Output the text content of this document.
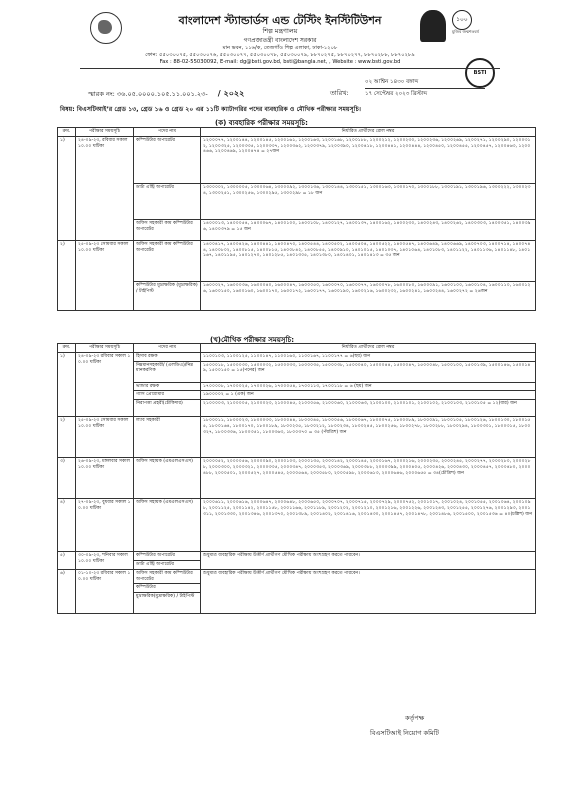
১০০
মুজিব জন্মশতবর্ষ
BSTI
বাংলাদেশ স্ট্যান্ডার্ডস এন্ড টেস্টিং ইনস্টিটিউশন
শিল্প মন্ত্রণালয়
গণপ্রজাতন্ত্রী বাংলাদেশ সরকার
মান ভবন, ১১৬/ক, তেজগাঁও শিল্প এলাকা, ঢাকা-১২০৮
ফোন: ৫৫০৩০০৭৫, ৫৫০৩০০৭৬, ৫৫০৩০০৭৭, ৫৫০৩০০৭৮, ৫৫০৩০০৭৯, ৮৮৭০২৭৫, ৮৮৭০২৭৭, ৮৮৭০২৮৮, ৮৮৭০২৮৯
Fax : 88-02-55030092, E-mail: dg@bsti.gov.bd, bsti@bangla.net, , Website : www.bsti.gov.bd
স্মারক নং: ৩৬.০৫.০০০০.১০৫.১১.০০১.২৩- / ২০২২	তারিখ:
০২ আশ্বিন ১৪৩০ বঙ্গাব্দ
১৭ সেপ্টেম্বর ২০২৩ খ্রিস্টাব্দ
বিষয়: বিএসটিআই’র গ্রেড ১৩, গ্রেড ১৬ ও গ্রেড ২০ এর ১১টি ক্যাটাগরির পদের ব্যবহারিক ও মৌখিক পরীক্ষার সময়সূচি।
(ক) ব্যবহারিক পরীক্ষার সময়সূচি:
ক্রম.	পরীক্ষার সময়সূচি	পদের নাম	নির্ধারিত প্রার্থীদের রোল নম্বর
১)	২৪-০৯-২৩, রবিবার সকাল ১০.০০ ঘটিকা	কম্পিউটার অপারেটর	১২০০০৭৭, ১২০০১৪৪, ১২০০১৪৫, ১২০০১৬১, ১২০০১৬৩, ১২০০১৬৮, ১২০০১৮৮, ১২০০২১২, ১২০০২৩০, ১২০০২৩৬, ১২০০২৬৯, ১২০০২৭১, ১২০০২৯০, ১২০০৩১২, ১২০০৩২৫, ১২০০৩৩৫, ১২০০৩৩৭, ১২০০৩৬২, ১২০০৩৭৯, ১২০০৩৯০, ১২০০৪১৮, ১২০০৪৪১, ১২০০৪৪৪, ১২০০৪৫০, ১২০০৪৫৫, ১২০০৪৫৭, ১২০০৪৬৩, ১২০০৪৬৬, ১২০০৪৬৯, ১২০০৪৭৪ = ২৭জন
		ডাটা এন্ট্রি অপারেটর	১৩০০০০২, ১৩০০০০৫, ১৩০০০৬৪, ১৩০০০৯২, ১৩০০১৩৬, ১৩০০১৪৪, ১৩০০১৫১, ১৩০০১৬৩, ১৩০০১৭০, ১৩০০১৮৮, ১৩০০১৯১, ১৩০০১৯৬, ১৩০০২২২, ১৩০০২৩৪, ১৩০০২৫১, ১৩০০২৫৬, ১৩০০২৯৫, ১৩০০২৯৮ = ১৮ জন
		অফিস সহকারী কাম কম্পিউটার অপারেটর	১৪০০০১৩, ১৪০০০৫৪, ১৪০০০৬৭, ১৪০০১০০, ১৪০০১০৮, ১৪০০১২৭, ১৪০০১৩৭, ১৪০০১৬২, ১৪০০২৩০, ১৪০০২৪৩, ১৪০০২৬২, ১৪০০৩০৩, ১৪০০৩৫১, ১৪০০৩৯৬, ১৪০০৩৭৯ = ১৫ জন
২)	২৫-০৯-২৩ সোমবার সকাল ১০.০০ ঘটিকা	অফিস সহকারী কাম কম্পিউটার অপারেটর	১৪০০৪১৭, ১৪০০৪২৬, ১৪০০৪৪১, ১৪০০৪৭০, ১৪০০৫৪৪, ১৪০০৫০২, ১৪০০৫০৪, ১৪০০৫২২, ১৪০০৫৪৭, ১৪০০৬৪৯, ১৪০০৬৬৯, ১৪০০৭০৩, ১৪০০৭১৪, ১৪০০৭৪৪, ১৪০০৮০২, ১৪০০৮১৫, ১৪০০৮১৫, ১৪০০৮৪২, ১৪০০৮৫৫, ১৪০০৯১০, ১৪০১০১৫, ১৪০১০৩৭, ১৪০১০৬৪, ১৪০১০৮৩, ১৪০১১২২, ১৪০১১৩৬, ১৪০১১৪৮, ১৪০১১৬৭, ১৪০১১৯৫, ১৪০১২৭০, ১৪০১২৮৫, ১৪০১৩০৫, ১৪০১৩৮০, ১৪০১৪০১, ১৪০১৪১৩ = ৩৫ জন
		কম্পিউটার মুদ্রাক্ষরিক (মুদ্রাক্ষরিক) / টাইপিস্ট	১৬০০০২৭, ১৬০০০৩৬, ১৬০০০৪০, ১৬০০০৪৭, ১৬০০০৫০, ১৬০০০৭০, ১৬০০০৭৭, ১৬০০০৭৮, ১৬০০০৮০, ১৬০০০৯১, ১৬০০১০০, ১৬০০১০৪, ১৬০০১১০, ১৬০০১২৬, ১৬০০১৫০, ১৬০০১৬০, ১৬০০১৭০, ১৬০০১৭২, ১৬০০১৭৭, ১৬০০১৯০, ১৬০০২১৬, ১৬০০২৩২, ১৬০০২৪১, ১৬০০২৪৪, ১৬০০২৭২ = ২৬জন
(খ)মৌখিক পরীক্ষার সময়সূচি:
ক্রম.	পরীক্ষার সময়সূচি	পদের নাম	নির্ধারিত প্রার্থীদের রোল নম্বর
১)	২৪-০৯-২৩ রবিবার সকাল ১০.০০ ঘটিকা	হিসাব রক্ষক	১১০০১০৩, ১১০০১২৫, ১১০০১৪৭, ১১০০১৬০, ১১০০১৬৭, ১১০০১৭৭ = ৬(ছয়) জন
		নিম্নমানসহকারী/ (এলডিএ)/নিম্নমানকরণিক	১৫০০০১৮, ১৫০০০৩০, ১৫০০০৩২, ১৫০০০৩৩, ১৫০০০৩৫, ১৫০০০৩৮, ১৫০০০৪০, ১৫০০০৪৪, ১৫০০০৪৭, ১৫০০০৪৮, ১৫০০১০০, ১৫০০১৩৯, ১৫০০১৪৬, ১৫০০১৪৯, ১৫০০১৫০ = ১৫(পনের) জন
		ভান্ডার রক্ষক	১৭০০০০৮, ১৭০০০২৫, ১৭০০০২৬, ১৭০০০৫৪, ১৭০০১১৩, ১৭০০১১৮ = ৬ (ছয়) জন
		গ্যাস প্রোগ্রামার	১৯০০০০২ = ১ (এক) জন
		নিরাপত্তা প্রহরী(চৌকিদার)	২১০০০০৩, ২১০০০০৫, ২১০০০২৩, ২১০০০৪৫, ২১০০০৫৬, ২১০০০৬০, ২১০০০৬৩, ২১০০১০০, ২১০০১০১, ২১০০১০২, ২১০০১০৩, ২১০০১০৫ = ১২(বার) জন
২)	২৫-০৯-২৩ সোমবার সকাল ১০.০০ ঘটিকা	ল্যাব সহকারী	১৮০০০১১, ১৮০০০২৩, ১৮০০০৩৩, ১৮০০০৪৪, ১৮০০০৪৫, ১৮০০০৫৬, ১৮০০০৬৭, ১৮০০০৭৫, ১৮০০০৮৯, ১৮০০০৯১, ১৮০০১০৫, ১৮০০১২৬, ১৮০০১৩০, ১৮০০১৫৫, ১৮০০১৬৪, ১৮০০১৭০, ১৮০০১৮৯, ১৮০০২০৫, ১৮০০২১২, ১৮০০২৩৪, ১৮০০২৪৫, ১৮০০২৫৬, ১৮০০২৭৮, ১৮০০২৮৮, ১৮০০২৯৪, ১৮০০৩০১, ১৮০০৩১৫, ১৮০০৩২৭, ১৮০০৩৩৬, ১৮০০৩৫১, ১৮০০৩৬৩, ১৮০০৩৭০ = ৩৫ (পঁয়ত্রিশ) জন
৩)	২৬-০৯-২৩, মঙ্গলবার সকাল ১০.০০ ঘটিকা	অফিস সহায়ক (এমএলএসএস)	২০০০০৫২, ২০০০০৫৬, ২০০০০৯০, ২০০০১০৩, ২০০০১৩৫, ২০০০১৪২, ২০০০১৪৫, ২০০০১৬৭, ২০০০২১৬, ২০০০২৩৫, ২০০০২৪৫, ২০০০২৭৭, ২০০০২৮০, ২০০০২৮৮, ২০০০৩০০, ২০০০৩২১, ২০০০৩৩৫, ২০০০৩৪৭, ২০০০৩৫৩, ২০০০৩৬৯, ২০০০৩৮৮, ২০০০৩৯৯, ২০০০৪০৫, ২০০০৪২৬, ২০০০৪৩০, ২০০০৪৫৭, ২০০০৪৮০, ২০০০৪৮৮, ২০০০৫০১, ২০০০৫২৭, ২০০০৫৪৫, ২০০০৫৬৪, ২০০০৫৮০, ২০০০৫৯৮, ২০০০৬১৩, ২০০০৬৪৬, ২০০০৬৫৫ = ৩৪(চৌত্রিশ) জন
৪)	২৭-০৯-২৩, বুধবার সকাল ১০.০০ ঘটিকা	অফিস সহায়ক (এমএলএসএস)	২০০০৬১১, ২০০০৬১৬, ২০০০৬৪৭, ২০০০৬৪৮, ২০০০৬৫০, ২০০০৭০৭, ২০০০৭১৫, ২০০০৭২৯, ২০০০৭৫২, ২০০১০১৭, ২০০১০২৪, ২০০১০৫৫, ২০০১০৬৪, ২০০১০৯৮, ২০০১১২৫, ২০০১১৪২, ২০০১১৫৮, ২০০১১৬৬, ২০০১১৮৯, ২০০১২০২, ২০০১২১০, ২০০১২১৬, ২০০১২২৬, ২০০১২৪৩, ২০০১২৫৫, ২০০১২৭৬, ২০০১২৯৩, ২০০১৩১১, ২০০১৩৩০, ২০০১৩৪৬, ২০০১৩৭০, ২০০১৩৮৯, ২০০১৪০২, ২০০১৪১৬, ২০০১৪৩০, ২০০১৪৫৭, ২০০১৪৭৮, ২০০১৪৮৬, ২০০১৫০০, ২০০১৫৩৬ = ৪০(চল্লিশ) জন
৫)	৩০-০৯-২৩, শনিবার সকাল ১০.০০ ঘটিকা	কম্পিউটার অপারেটর	শুধুমাত্র ব্যবহারিক পরীক্ষায় উত্তীর্ণ প্রার্থীগণ মৌখিক পরীক্ষায় অংশগ্রহণ করতে পারবেন।
		ডাটা এন্ট্রি অপারেটর	
৬)	০১-১০-২৩ রবিবার সকাল ১০.০০ ঘটিকা	অফিস সহকারী কাম কম্পিউটার অপারেটর	শুধুমাত্র ব্যবহারিক পরীক্ষায় উত্তীর্ণ প্রার্থীগণ মৌখিক পরীক্ষায় অংশগ্রহণ করতে পারবেন।
		কম্পিউটার	
		মুদ্রাক্ষরিক(মুদ্রাক্ষরিক) / টাইপিস্ট	
কর্তৃপক্ষ
বিএসটিআই নিয়োগ কমিটি
